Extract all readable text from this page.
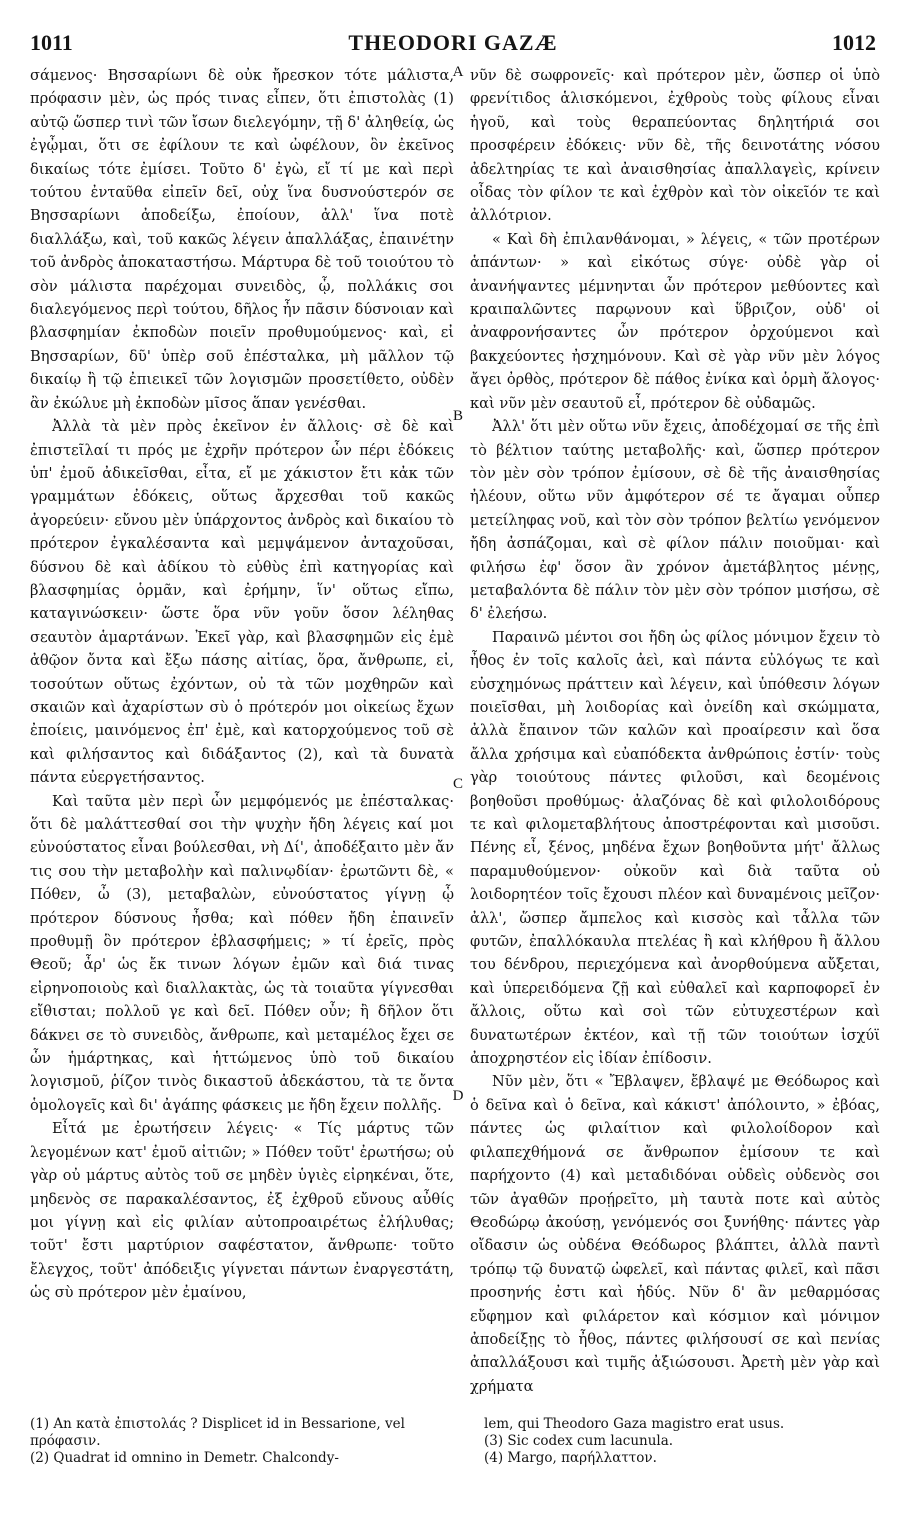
1011	THEODORI GAZÆ	1012

σάμενος· Βησσαρίωνι δὲ οὐκ ἤρεσκον τότε μάλιστα, πρόφασιν μὲν, ὡς πρός τινας εἶπεν, ὅτι ἐπιστολὰς (1) αὐτῷ ὥσπερ τινὶ τῶν ἴσων διελεγόμην, τῇ δ' ἀληθείᾳ, ὡς ἐγᾦμαι, ὅτι σε ἐφίλουν τε καὶ ὠφέλουν, ὃν ἐκεῖνος δικαίως τότε ἐμίσει. Τοῦτο δ' ἐγὼ, εἴ τί με καὶ περὶ τούτου ἐνταῦθα εἰπεῖν δεῖ, οὐχ ἵνα δυσνούστερόν σε Βησσαρίωνι ἀποδείξω, ἐποίουν, ἀλλ' ἵνα ποτὲ διαλλάξω, καὶ, τοῦ κακῶς λέγειν ἀπαλλάξας, ἐπαινέτην τοῦ ἀνδρὸς ἀποκαταστήσω. Μάρτυρα δὲ τοῦ τοιούτου τὸ σὸν μάλιστα παρέχομαι συνειδὸς, ᾧ, πολλάκις σοι διαλεγόμενος περὶ τούτου, δῆλος ἦν πᾶσιν δύσνοιαν καὶ βλασφημίαν ἐκποδὼν ποιεῖν προθυμούμενος· καὶ, εἰ Βησσαρίων, δῦ' ὑπὲρ σοῦ ἐπέσταλκα, μὴ μᾶλλον τῷ δικαίῳ ἢ τῷ ἐπιεικεῖ τῶν λογισμῶν προσετίθετο, οὐδὲν ἂν ἐκώλυε μὴ ἐκποδὼν μῖσος ἅπαν γενέσθαι.

Ἀλλὰ τὰ μὲν πρὸς ἐκεῖνον ἐν ἄλλοις· σὲ δὲ καὶ ἐπιστεῖλαί τι πρός με ἐχρῆν πρότερον ὧν πέρι ἐδόκεις ὑπ' ἐμοῦ ἀδικεῖσθαι, εἶτα, εἴ με χάκιστον ἔτι κἀκ τῶν γραμμάτων ἐδόκεις, οὕτως ἄρχεσθαι τοῦ κακῶς ἀγορεύειν· εὔνου μὲν ὑπάρχοντος ἀνδρὸς καὶ δικαίου τὸ πρότερον ἐγκαλέσαντα καὶ μεμψάμενον ἀνταχοῦσαι, δύσνου δὲ καὶ ἀδίκου τὸ εὐθὺς ἐπὶ κατηγορίας καὶ βλασφημίας ὁρμᾶν, καὶ ἐρήμην, ἵν' οὕτως εἴπω, καταγινώσκειν· ὥστε ὅρα νῦν γοῦν ὅσον λέληθας σεαυτὸν ἁμαρτάνων. Ἐκεῖ γὰρ, καὶ βλασφημῶν εἰς ἐμὲ ἀθῷον ὄντα καὶ ἔξω πάσης αἰτίας, ὅρα, ἄνθρωπε, εἰ, τοσούτων οὕτως ἐχόντων, οὐ τὰ τῶν μοχθηρῶν καὶ σκαιῶν καὶ ἀχαρίστων σὺ ὁ πρότερόν μοι οἰκείως ἔχων ἐποίεις, μαινόμενος ἐπ' ἐμὲ, καὶ κατορχούμενος τοῦ σὲ καὶ φιλήσαντος καὶ διδάξαντος (2), καὶ τὰ δυνατὰ πάντα εὐεργετήσαντος.

Καὶ ταῦτα μὲν περὶ ὧν μεμφόμενός με ἐπέσταλκας· ὅτι δὲ μαλάττεσθαί σοι τὴν ψυχὴν ἤδη λέγεις καί μοι εὐνούστατος εἶναι βούλεσθαι, νὴ Δί', ἀποδέξαιτο μὲν ἄν τις σου τὴν μεταβολὴν καὶ παλινῳδίαν· ἐρωτῶντι δὲ, « Πόθεν, ὦ (3), μεταβαλὼν, εὐνούστατος γίγνῃ ᾧ πρότερον δύσνους ἦσθα; καὶ πόθεν ἤδη ἐπαινεῖν προθυμῇ ὃν πρότερον ἐβλασφήμεις; » τί ἐρεῖς, πρὸς Θεοῦ; ἆρ' ὡς ἔκ τινων λόγων ἐμῶν καὶ διά τινας εἰρηνοποιοὺς καὶ διαλλακτὰς, ὡς τὰ τοιαῦτα γίγνεσθαι εἴθισται; πολλοῦ γε καὶ δεῖ. Πόθεν οὖν; ἢ δῆλον ὅτι δάκνει σε τὸ συνειδὸς, ἄνθρωπε, καὶ μεταμέλος ἔχει σε ὧν ἡμάρτηκας, καὶ ἡττώμενος ὑπὸ τοῦ δικαίου λογισμοῦ, ῥίζον τινὸς δικαστοῦ ἀδεκάστου, τὰ τε ὄντα ὁμολογεῖς καὶ δι' ἀγάπης φάσκεις με ἤδη ἔχειν πολλῆς.

Εἶτά με ἐρωτήσειν λέγεις· « Τίς μάρτυς τῶν λεγομένων κατ' ἐμοῦ αἰτιῶν; » Πόθεν τοῦτ' ἐρωτήσω; οὐ γὰρ οὐ μάρτυς αὐτὸς τοῦ σε μηδὲν ὑγιὲς εἰρηκέναι, ὅτε, μηδενὸς σε παρακαλέσαντος, ἐξ ἐχθροῦ εὔνους αὖθίς μοι γίγνῃ καὶ εἰς φιλίαν αὐτοπροαιρέτως ἐλήλυθας; τοῦτ' ἔστι μαρτύριον σαφέστατον, ἄνθρωπε· τοῦτο ἔλεγχος, τοῦτ' ἀπόδειξις γίγνεται πάντων ἐναργεστάτη, ὡς σὺ πρότερον μὲν ἐμαίνου,

A
B
C
D

νῦν δὲ σωφρονεῖς· καὶ πρότερον μὲν, ὥσπερ οἱ ὑπὸ φρενίτιδος ἁλισκόμενοι, ἐχθροὺς τοὺς φίλους εἶναι ἡγοῦ, καὶ τοὺς θεραπεύοντας δηλητήριά σοι προσφέρειν ἐδόκεις· νῦν δὲ, τῆς δεινοτάτης νόσου ἀδελτηρίας τε καὶ ἀναισθησίας ἀπαλλαγεὶς, κρίνειν οἶδας τὸν φίλον τε καὶ ἐχθρὸν καὶ τὸν οἰκεῖόν τε καὶ ἀλλότριον.

« Καὶ δὴ ἐπιλανθάνομαι, » λέγεις, « τῶν προτέρων ἁπάντων· » καὶ εἰκότως σύγε· οὐδὲ γὰρ οἱ ἀνανήψαντες μέμνηνται ὧν πρότερον μεθύοντες καὶ κραιπαλῶντες παρῳνουν καὶ ὕβριζον, οὐδ' οἱ ἀναφρονήσαντες ὧν πρότερον ὀρχούμενοι καὶ βακχεύοντες ἠσχημόνουν. Καὶ σὲ γὰρ νῦν μὲν λόγος ἄγει ὀρθὸς, πρότερον δὲ πάθος ἐνίκα καὶ ὁρμὴ ἄλογος· καὶ νῦν μὲν σεαυτοῦ εἶ, πρότερον δὲ οὐδαμῶς.

Ἀλλ' ὅτι μὲν οὕτω νῦν ἔχεις, ἀποδέχομαί σε τῆς ἐπὶ τὸ βέλτιον ταύτης μεταβολῆς· καὶ, ὥσπερ πρότερον τὸν μὲν σὸν τρόπον ἐμίσουν, σὲ δὲ τῆς ἀναισθησίας ἠλέουν, οὕτω νῦν ἀμφότερον σέ τε ἄγαμαι οὗπερ μετείληφας νοῦ, καὶ τὸν σὸν τρόπον βελτίω γενόμενον ἤδη ἀσπάζομαι, καὶ σὲ φίλον πάλιν ποιοῦμαι· καὶ φιλήσω ἐφ' ὅσον ἂν χρόνον ἀμετάβλητος μένῃς, μεταβαλόντα δὲ πάλιν τὸν μὲν σὸν τρόπον μισήσω, σὲ δ' ἐλεήσω.

Παραινῶ μέντοι σοι ἤδη ὡς φίλος μόνιμον ἔχειν τὸ ἦθος ἐν τοῖς καλοῖς ἀεὶ, καὶ πάντα εὐλόγως τε καὶ εὐσχημόνως πράττειν καὶ λέγειν, καὶ ὑπόθεσιν λόγων ποιεῖσθαι, μὴ λοιδορίας καὶ ὀνείδη καὶ σκώμματα, ἀλλὰ ἔπαινον τῶν καλῶν καὶ προαίρεσιν καὶ ὅσα ἄλλα χρήσιμα καὶ εὐαπόδεκτα ἀνθρώποις ἐστίν· τοὺς γὰρ τοιούτους πάντες φιλοῦσι, καὶ δεομένοις βοηθοῦσι προθύμως· ἀλαζόνας δὲ καὶ φιλολοιδόρους τε καὶ φιλομεταβλήτους ἀποστρέφονται καὶ μισοῦσι. Πένης εἶ, ξένος, μηδένα ἔχων βοηθοῦντα μήτ' ἄλλως παραμυθούμενον· οὐκοῦν καὶ διὰ ταῦτα οὐ λοιδορητέον τοῖς ἔχουσι πλέον καὶ δυναμένοις μεῖζον· ἀλλ', ὥσπερ ἄμπελος καὶ κισσὸς καὶ τἆλλα τῶν φυτῶν, ἐπαλλόκαυλα πτελέας ἢ καὶ κλήθρου ἢ ἄλλου του δένδρου, περιεχόμενα καὶ ἀνορθούμενα αὔξεται, καὶ ὑπερειδόμενα ζῇ καὶ εὐθαλεῖ καὶ καρποφορεῖ ἐν ἄλλοις, οὕτω καὶ σοὶ τῶν εὐτυχεστέρων καὶ δυνατωτέρων ἐκτέον, καὶ τῇ τῶν τοιούτων ἰσχύϊ ἀποχρηστέον εἰς ἰδίαν ἐπίδοσιν.

Νῦν μὲν, ὅτι « Ἔβλαψεν, ἔβλαψέ με Θεόδωρος καὶ ὁ δεῖνα καὶ ὁ δεῖνα, καὶ κάκιστ' ἀπόλοιντο, » ἐβόας, πάντες ὡς φιλαίτιον καὶ φιλολοίδορον καὶ φιλαπεχθήμονά σε ἄνθρωπον ἐμίσουν τε καὶ παρήχοντο (4) καὶ μεταδιδόναι οὐδεὶς οὐδενὸς σοι τῶν ἀγαθῶν προῄρεῖτο, μὴ ταυτὰ ποτε καὶ αὐτὸς Θεοδώρῳ ἀκούσῃ, γενόμενός σοι ξυνήθης· πάντες γὰρ οἴδασιν ὡς οὐδένα Θεόδωρος βλάπτει, ἀλλὰ παντὶ τρόπῳ τῷ δυνατῷ ὠφελεῖ, καὶ πάντας φιλεῖ, καὶ πᾶσι προσηνής ἐστι καὶ ἡδύς. Νῦν δ' ἂν μεθαρμόσας εὔφημον καὶ φιλάρετον καὶ κόσμιον καὶ μόνιμον ἀποδείξῃς τὸ ἦθος, πάντες φιλήσουσί σε καὶ πενίας ἀπαλλάξουσι καὶ τιμῆς ἀξιώσουσι. Ἀρετὴ μὲν γὰρ καὶ χρήματα

(1) An κατὰ ἐπιστολάς ? Displicet id in Bessarione, vel πρόφασιν.
(2) Quadrat id omnino in Demetr. Chalcondy-
lem, qui Theodoro Gaza magistro erat usus.
(3) Sic codex cum lacunula.
(4) Margo, παρήλλαττον.
